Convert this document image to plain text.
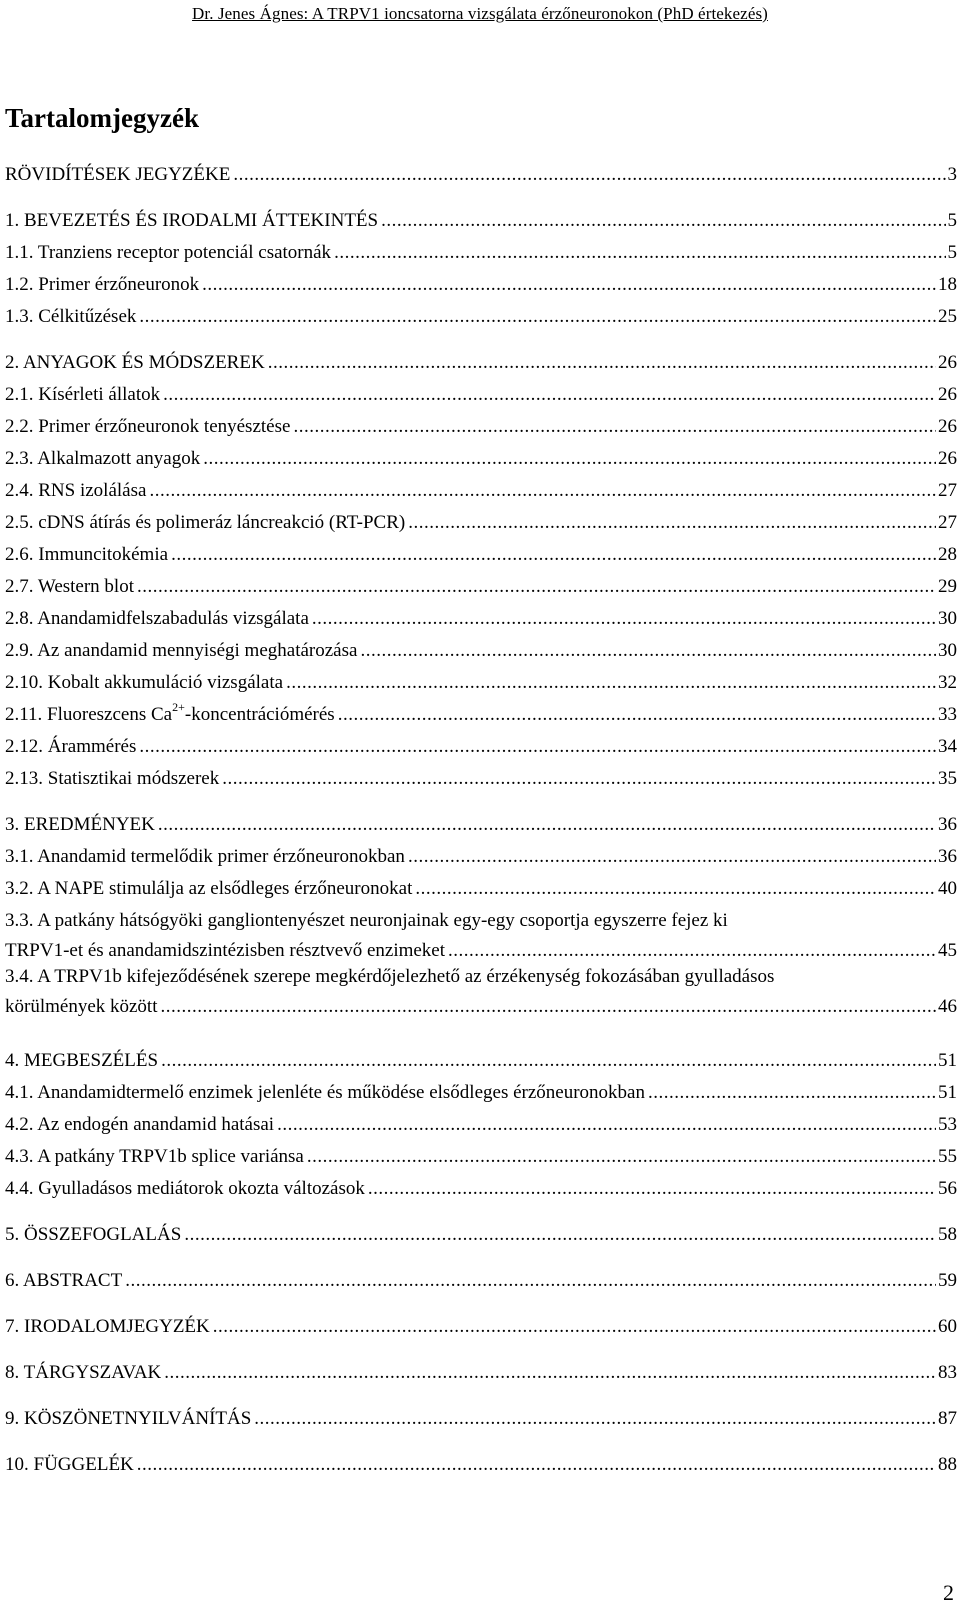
Dr. Jenes Ágnes: A TRPV1 ioncsatorna vizsgálata érzőneuronokon (PhD értekezés)
Tartalomjegyzék
RÖVIDÍTÉSEK JEGYZÉKE .....	3
1. BEVEZETÉS ÉS IRODALMI ÁTTEKINTÉS .....	5
1.1. Tranziens receptor potenciál csatornák .....	5
1.2. Primer érzőneuronok .....	18
1.3. Célkitűzések .....	25
2. ANYAGOK ÉS MÓDSZEREK .....	26
2.1. Kísérleti állatok .....	26
2.2. Primer érzőneuronok tenyésztése .....	26
2.3. Alkalmazott anyagok .....	26
2.4. RNS izolálása .....	27
2.5. cDNS átírás és polimeráz láncreakció (RT-PCR) .....	27
2.6. Immuncitokémia .....	28
2.7. Western blot .....	29
2.8. Anandamidfelszabadulás vizsgálata .....	30
2.9. Az anandamid mennyiségi meghatározása .....	30
2.10. Kobalt akkumuláció vizsgálata .....	32
2.11. Fluoreszcens $Ca^{2+}$-koncentrációmérés .....	33
2.12. Árammérés .....	34
2.13. Statisztikai módszerek .....	35
3. EREDMÉNYEK .....	36
3.1. Anandamid termelődik primer érzőneuronokban .....	36
3.2. A NAPE stimulálja az elsődleges érzőneuronokat .....	40
3.3. A patkány hátsógyöki gangliontenyészet neuronjainak egy-egy csoportja egyszerre fejez ki
TRPV1-et és anandamidszintézisben résztvevő enzimeket .....	45
3.4. A TRPV1b kifejeződésének szerepe megkérdőjelezhető az érzékenység fokozásában gyulladásos
körülmények között .....	46
4. MEGBESZÉLÉS .....	51
4.1. Anandamidtermelő enzimek jelenléte és működése elsődleges érzőneuronokban .....	51
4.2. Az endogén anandamid hatásai .....	53
4.3. A patkány TRPV1b splice variánsa .....	55
4.4. Gyulladásos mediátorok okozta változások .....	56
5. ÖSSZEFOGLALÁS .....	58
6. ABSTRACT .....	59
7. IRODALOMJEGYZÉK .....	60
8. TÁRGYSZAVAK .....	83
9. KÖSZÖNETNYILVÁNÍTÁS .....	87
10. FÜGGELÉK .....	88
2
